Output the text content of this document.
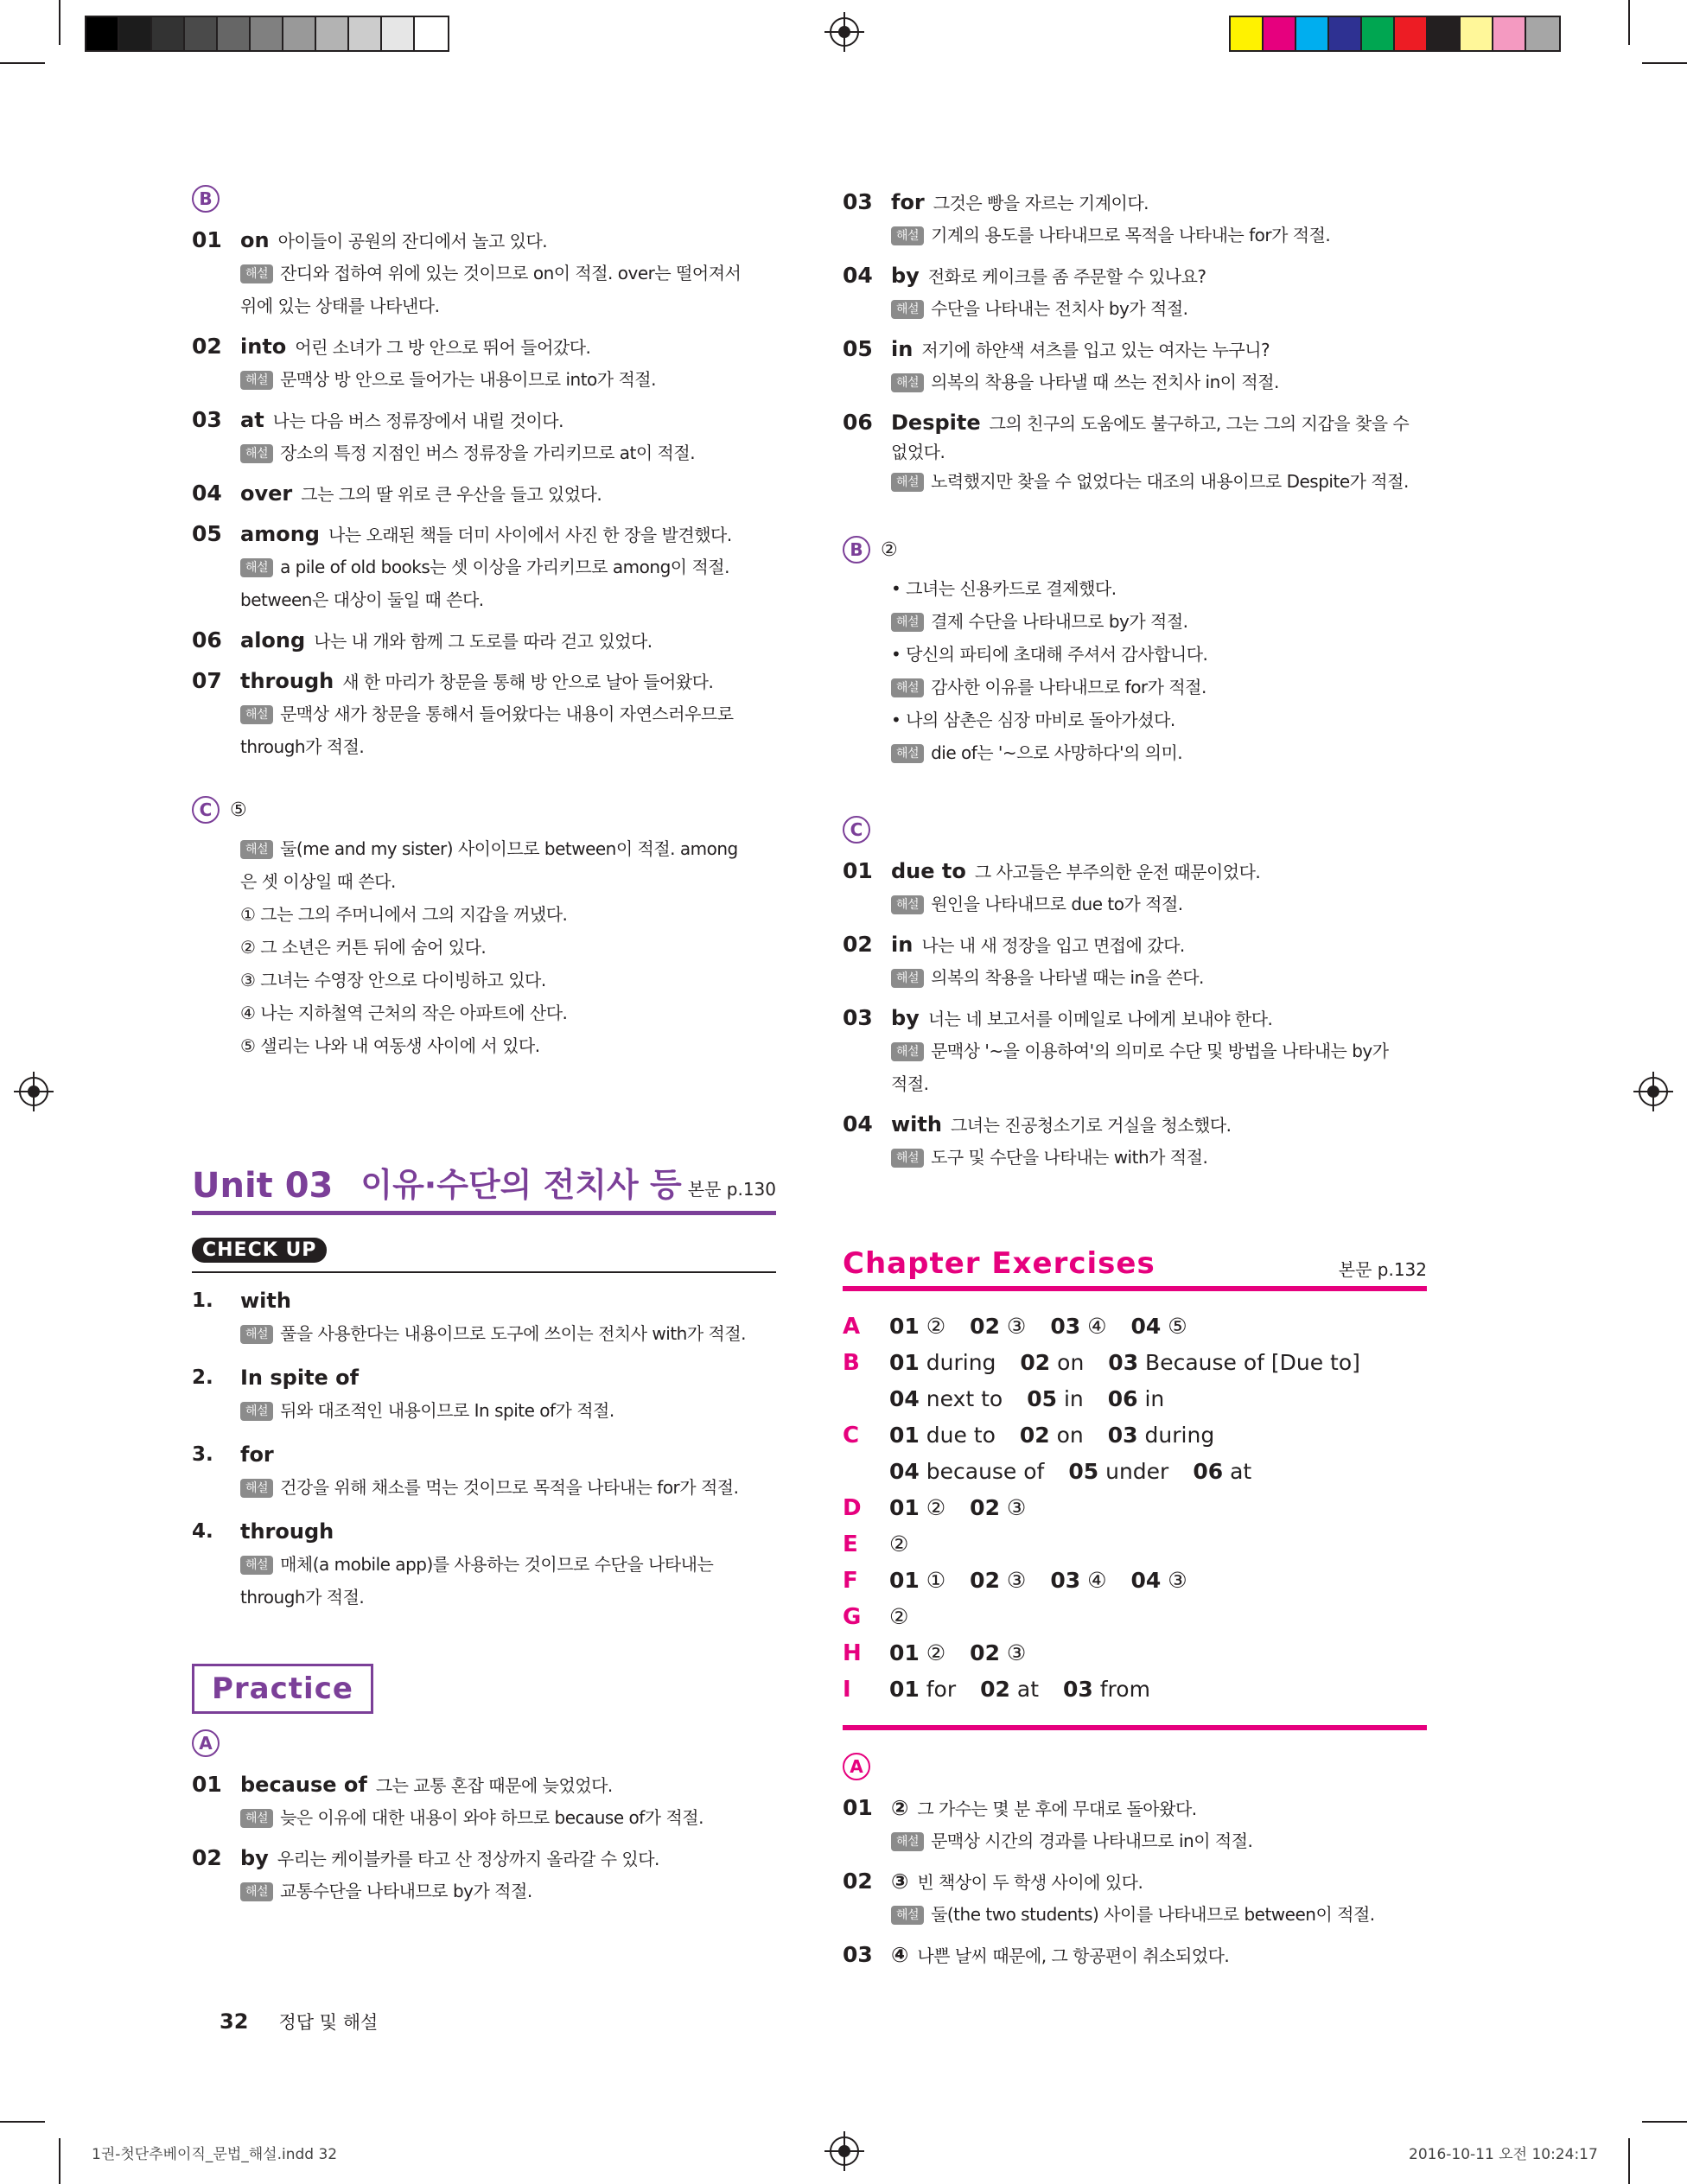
B
01 on 아이들이 공원의 잔디에서 놀고 있다.
해설 잔디와 접하여 위에 있는 것이므로 on이 적절. over는 떨어져서
위에 있는 상태를 나타낸다.
02 into 어린 소녀가 그 방 안으로 뛰어 들어갔다.
해설 문맥상 방 안으로 들어가는 내용이므로 into가 적절.
03 at 나는 다음 버스 정류장에서 내릴 것이다.
해설 장소의 특정 지점인 버스 정류장을 가리키므로 at이 적절.
04 over 그는 그의 딸 위로 큰 우산을 들고 있었다.
05 among 나는 오래된 책들 더미 사이에서 사진 한 장을 발견했다.
해설 a pile of old books는 셋 이상을 가리키므로 among이 적절.
between은 대상이 둘일 때 쓴다.
06 along 나는 내 개와 함께 그 도로를 따라 걷고 있었다.
07 through 새 한 마리가 창문을 통해 방 안으로 날아 들어왔다.
해설 문맥상 새가 창문을 통해서 들어왔다는 내용이 자연스러우므로
through가 적절.
C ⑤
해설 둘(me and my sister) 사이이므로 between이 적절. among
은 셋 이상일 때 쓴다.
① 그는 그의 주머니에서 그의 지갑을 꺼냈다.
② 그 소년은 커튼 뒤에 숨어 있다.
③ 그녀는 수영장 안으로 다이빙하고 있다.
④ 나는 지하철역 근처의 작은 아파트에 산다.
⑤ 샐리는 나와 내 여동생 사이에 서 있다.
Unit 03 이유·수단의 전치사 등 본문 p.130
CHECK UP
1.	with
해설 풀을 사용한다는 내용이므로 도구에 쓰이는 전치사 with가 적절.
2.	In spite of
해설 뒤와 대조적인 내용이므로 In spite of가 적절.
3.	for
해설 건강을 위해 채소를 먹는 것이므로 목적을 나타내는 for가 적절.
4.	through
해설 매체(a mobile app)를 사용하는 것이므로 수단을 나타내는
through가 적절.
Practice
A
01 because of 그는 교통 혼잡 때문에 늦었었다.
해설 늦은 이유에 대한 내용이 와야 하므로 because of가 적절.
02 by 우리는 케이블카를 타고 산 정상까지 올라갈 수 있다.
해설 교통수단을 나타내므로 by가 적절.
03 for 그것은 빵을 자르는 기계이다.
해설 기계의 용도를 나타내므로 목적을 나타내는 for가 적절.
04 by 전화로 케이크를 좀 주문할 수 있나요?
해설 수단을 나타내는 전치사 by가 적절.
05 in 저기에 하얀색 셔츠를 입고 있는 여자는 누구니?
해설 의복의 착용을 나타낼 때 쓰는 전치사 in이 적절.
06 Despite 그의 친구의 도움에도 불구하고, 그는 그의 지갑을 찾을 수
없었다.
해설 노력했지만 찾을 수 없었다는 대조의 내용이므로 Despite가 적절.
B ②
• 그녀는 신용카드로 결제했다.
해설 결제 수단을 나타내므로 by가 적절.
• 당신의 파티에 초대해 주셔서 감사합니다.
해설 감사한 이유를 나타내므로 for가 적절.
• 나의 삼촌은 심장 마비로 돌아가셨다.
해설 die of는 '~으로 사망하다'의 의미.
C
01 due to 그 사고들은 부주의한 운전 때문이었다.
해설 원인을 나타내므로 due to가 적절.
02 in 나는 내 새 정장을 입고 면접에 갔다.
해설 의복의 착용을 나타낼 때는 in을 쓴다.
03 by 너는 네 보고서를 이메일로 나에게 보내야 한다.
해설 문맥상 '~을 이용하여'의 의미로 수단 및 방법을 나타내는 by가
적절.
04 with 그녀는 진공청소기로 거실을 청소했다.
해설 도구 및 수단을 나타내는 with가 적절.
Chapter Exercises	본문 p.132
A	01 ② 02 ③ 03 ④ 04 ⑤
B	01 during 02 on 03 Because of [Due to]
04 next to 05 in 06 in
C	01 due to 02 on 03 during
04 because of 05 under 06 at
D	01 ② 02 ③
E	②
F	01 ① 02 ③ 03 ④ 04 ③
G	②
H	01 ② 02 ③
I	01 for 02 at 03 from
A
01 ② 그 가수는 몇 분 후에 무대로 돌아왔다.
해설 문맥상 시간의 경과를 나타내므로 in이 적절.
02 ③ 빈 책상이 두 학생 사이에 있다.
해설 둘(the two students) 사이를 나타내므로 between이 적절.
03 ④ 나쁜 날씨 때문에, 그 항공편이 취소되었다.
32 정답 및 해설
1권-첫단추베이직_문법_해설.indd 32	2016-10-11 오전 10:24:17
